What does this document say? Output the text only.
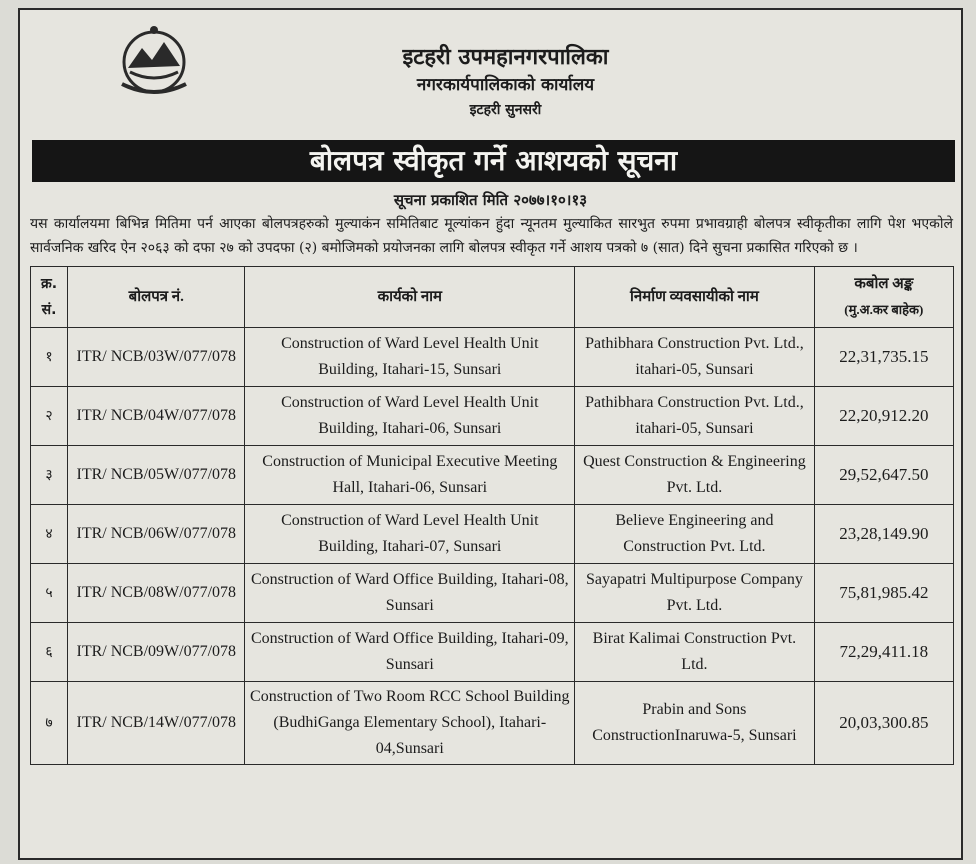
इटहरी उपमहानगरपालिका
नगरकार्यपालिकाको कार्यालय
इटहरी सुनसरी
बोलपत्र स्वीकृत गर्ने आशयको सूचना
सूचना प्रकाशित मिति २०७७।१०।१३
यस कार्यालयमा बिभिन्न मितिमा पर्न आएका बोलपत्रहरुको मुल्याकंन समितिबाट मूल्यांकन हुंदा न्यूनतम मुल्याकित सारभुत रुपमा प्रभावग्राही बोलपत्र स्वीकृतीका लागि पेश भएकोले सार्वजनिक खरिद ऐन २०६३ को दफा २७ को उपदफा (२) बमोजिमको प्रयोजनका लागि बोलपत्र स्वीकृत गर्ने आशय पत्रको ७ (सात) दिने सुचना प्रकासित गरिएको छ ।
क्र. सं.	बोलपत्र नं.	कार्यको नाम	निर्माण व्यवसायीको नाम	कबोल अङ्क
(मु.अ.कर बाहेक)

१	ITR/ NCB/03W/077/078	Construction of Ward Level Health Unit Building, Itahari-15, Sunsari	Pathibhara Construction Pvt. Ltd., itahari-05, Sunsari	22,31,735.15
२	ITR/ NCB/04W/077/078	Construction of Ward Level Health Unit Building, Itahari-06, Sunsari	Pathibhara Construction Pvt. Ltd., itahari-05, Sunsari	22,20,912.20
३	ITR/ NCB/05W/077/078	Construction of Municipal Executive Meeting Hall, Itahari-06, Sunsari	Quest Construction & Engineering Pvt. Ltd.	29,52,647.50
४	ITR/ NCB/06W/077/078	Construction of Ward Level Health Unit Building, Itahari-07, Sunsari	Believe Engineering and Construction Pvt. Ltd.	23,28,149.90
५	ITR/ NCB/08W/077/078	Construction of Ward Office Building, Itahari-08, Sunsari	Sayapatri Multipurpose Company Pvt. Ltd.	75,81,985.42
६	ITR/ NCB/09W/077/078	Construction of Ward Office Building, Itahari-09, Sunsari	Birat Kalimai Construction Pvt. Ltd.	72,29,411.18
७	ITR/ NCB/14W/077/078	Construction of Two Room RCC School Building (BudhiGanga Elementary School), Itahari-04,Sunsari	Prabin and Sons ConstructionInaruwa-5, Sunsari	20,03,300.85
